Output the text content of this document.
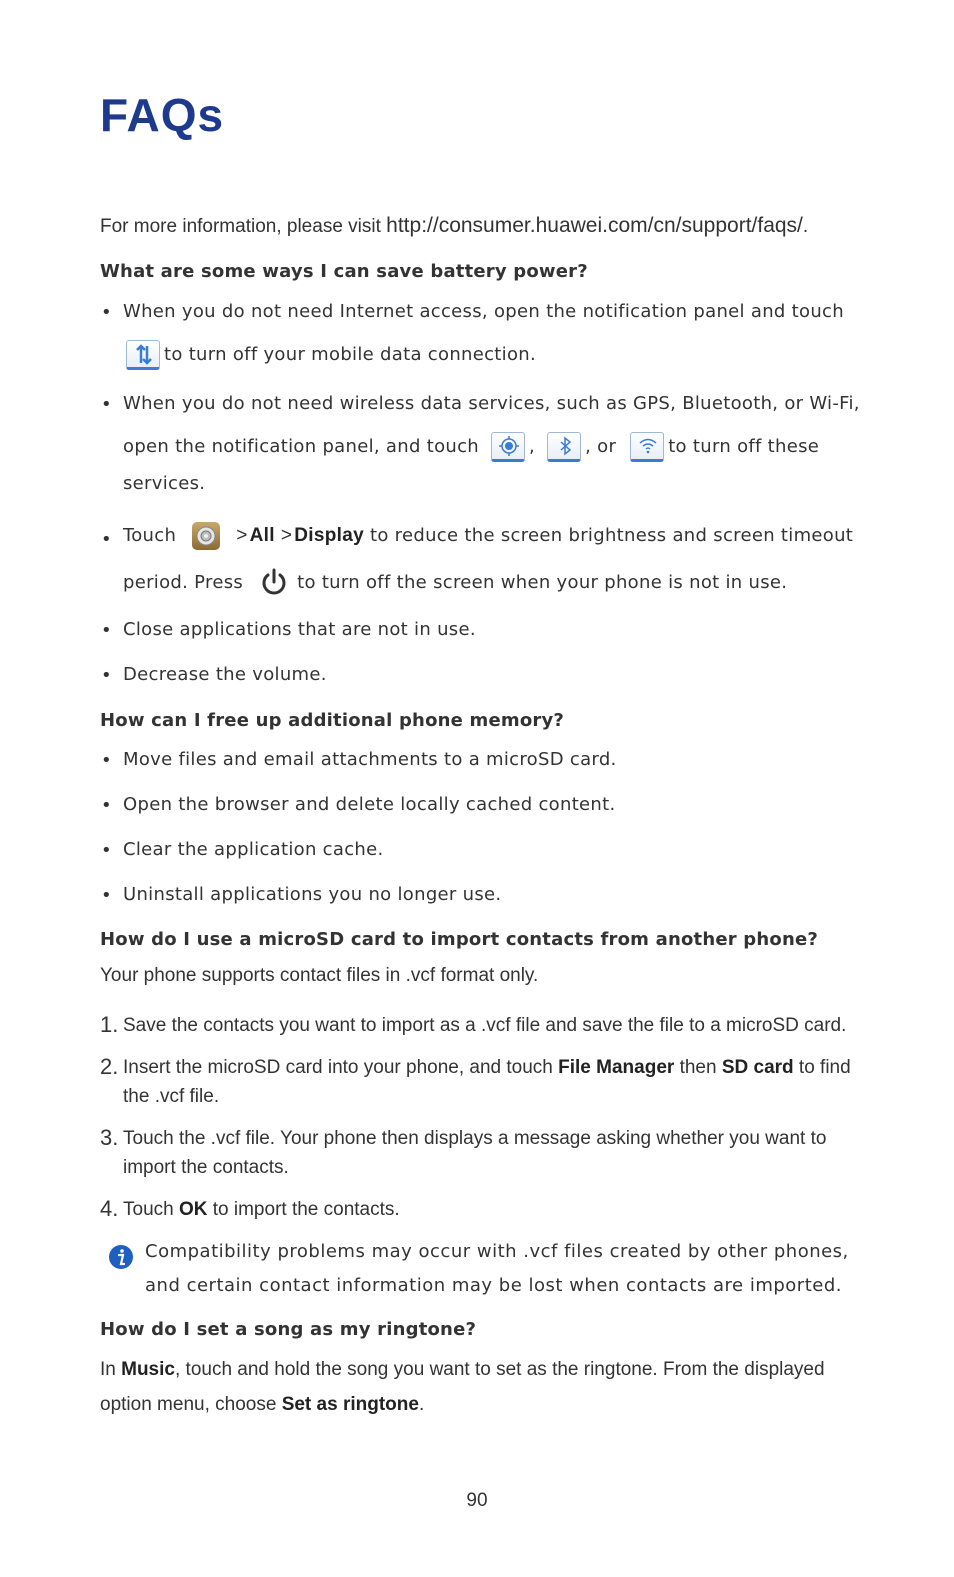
FAQs
For more information, please visit http://consumer.huawei.com/cn/support/faqs/.
What are some ways I can save battery power?
• When you do not need Internet access, open the notification panel and touch
to turn off your mobile data connection.
• When you do not need wireless data services, such as GPS, Bluetooth, or Wi-Fi,
open the notification panel, and touch	,	, or	to turn off these
services.
• Touch	> All > Display to reduce the screen brightness and screen timeout
period. Press	to turn off the screen when your phone is not in use.
• Close applications that are not in use.
• Decrease the volume.
How can I free up additional phone memory?
• Move files and email attachments to a microSD card.
• Open the browser and delete locally cached content.
• Clear the application cache.
• Uninstall applications you no longer use.
How do I use a microSD card to import contacts from another phone?
Your phone supports contact files in .vcf format only.
1. Save the contacts you want to import as a .vcf file and save the file to a microSD card.
2. Insert the microSD card into your phone, and touch File Manager then SD card to find the .vcf file.
3. Touch the .vcf file. Your phone then displays a message asking whether you want to import the contacts.
4. Touch OK to import the contacts.
Compatibility problems may occur with .vcf files created by other phones, and certain contact information may be lost when contacts are imported.
How do I set a song as my ringtone?
In Music, touch and hold the song you want to set as the ringtone. From the displayed option menu, choose Set as ringtone.
90
